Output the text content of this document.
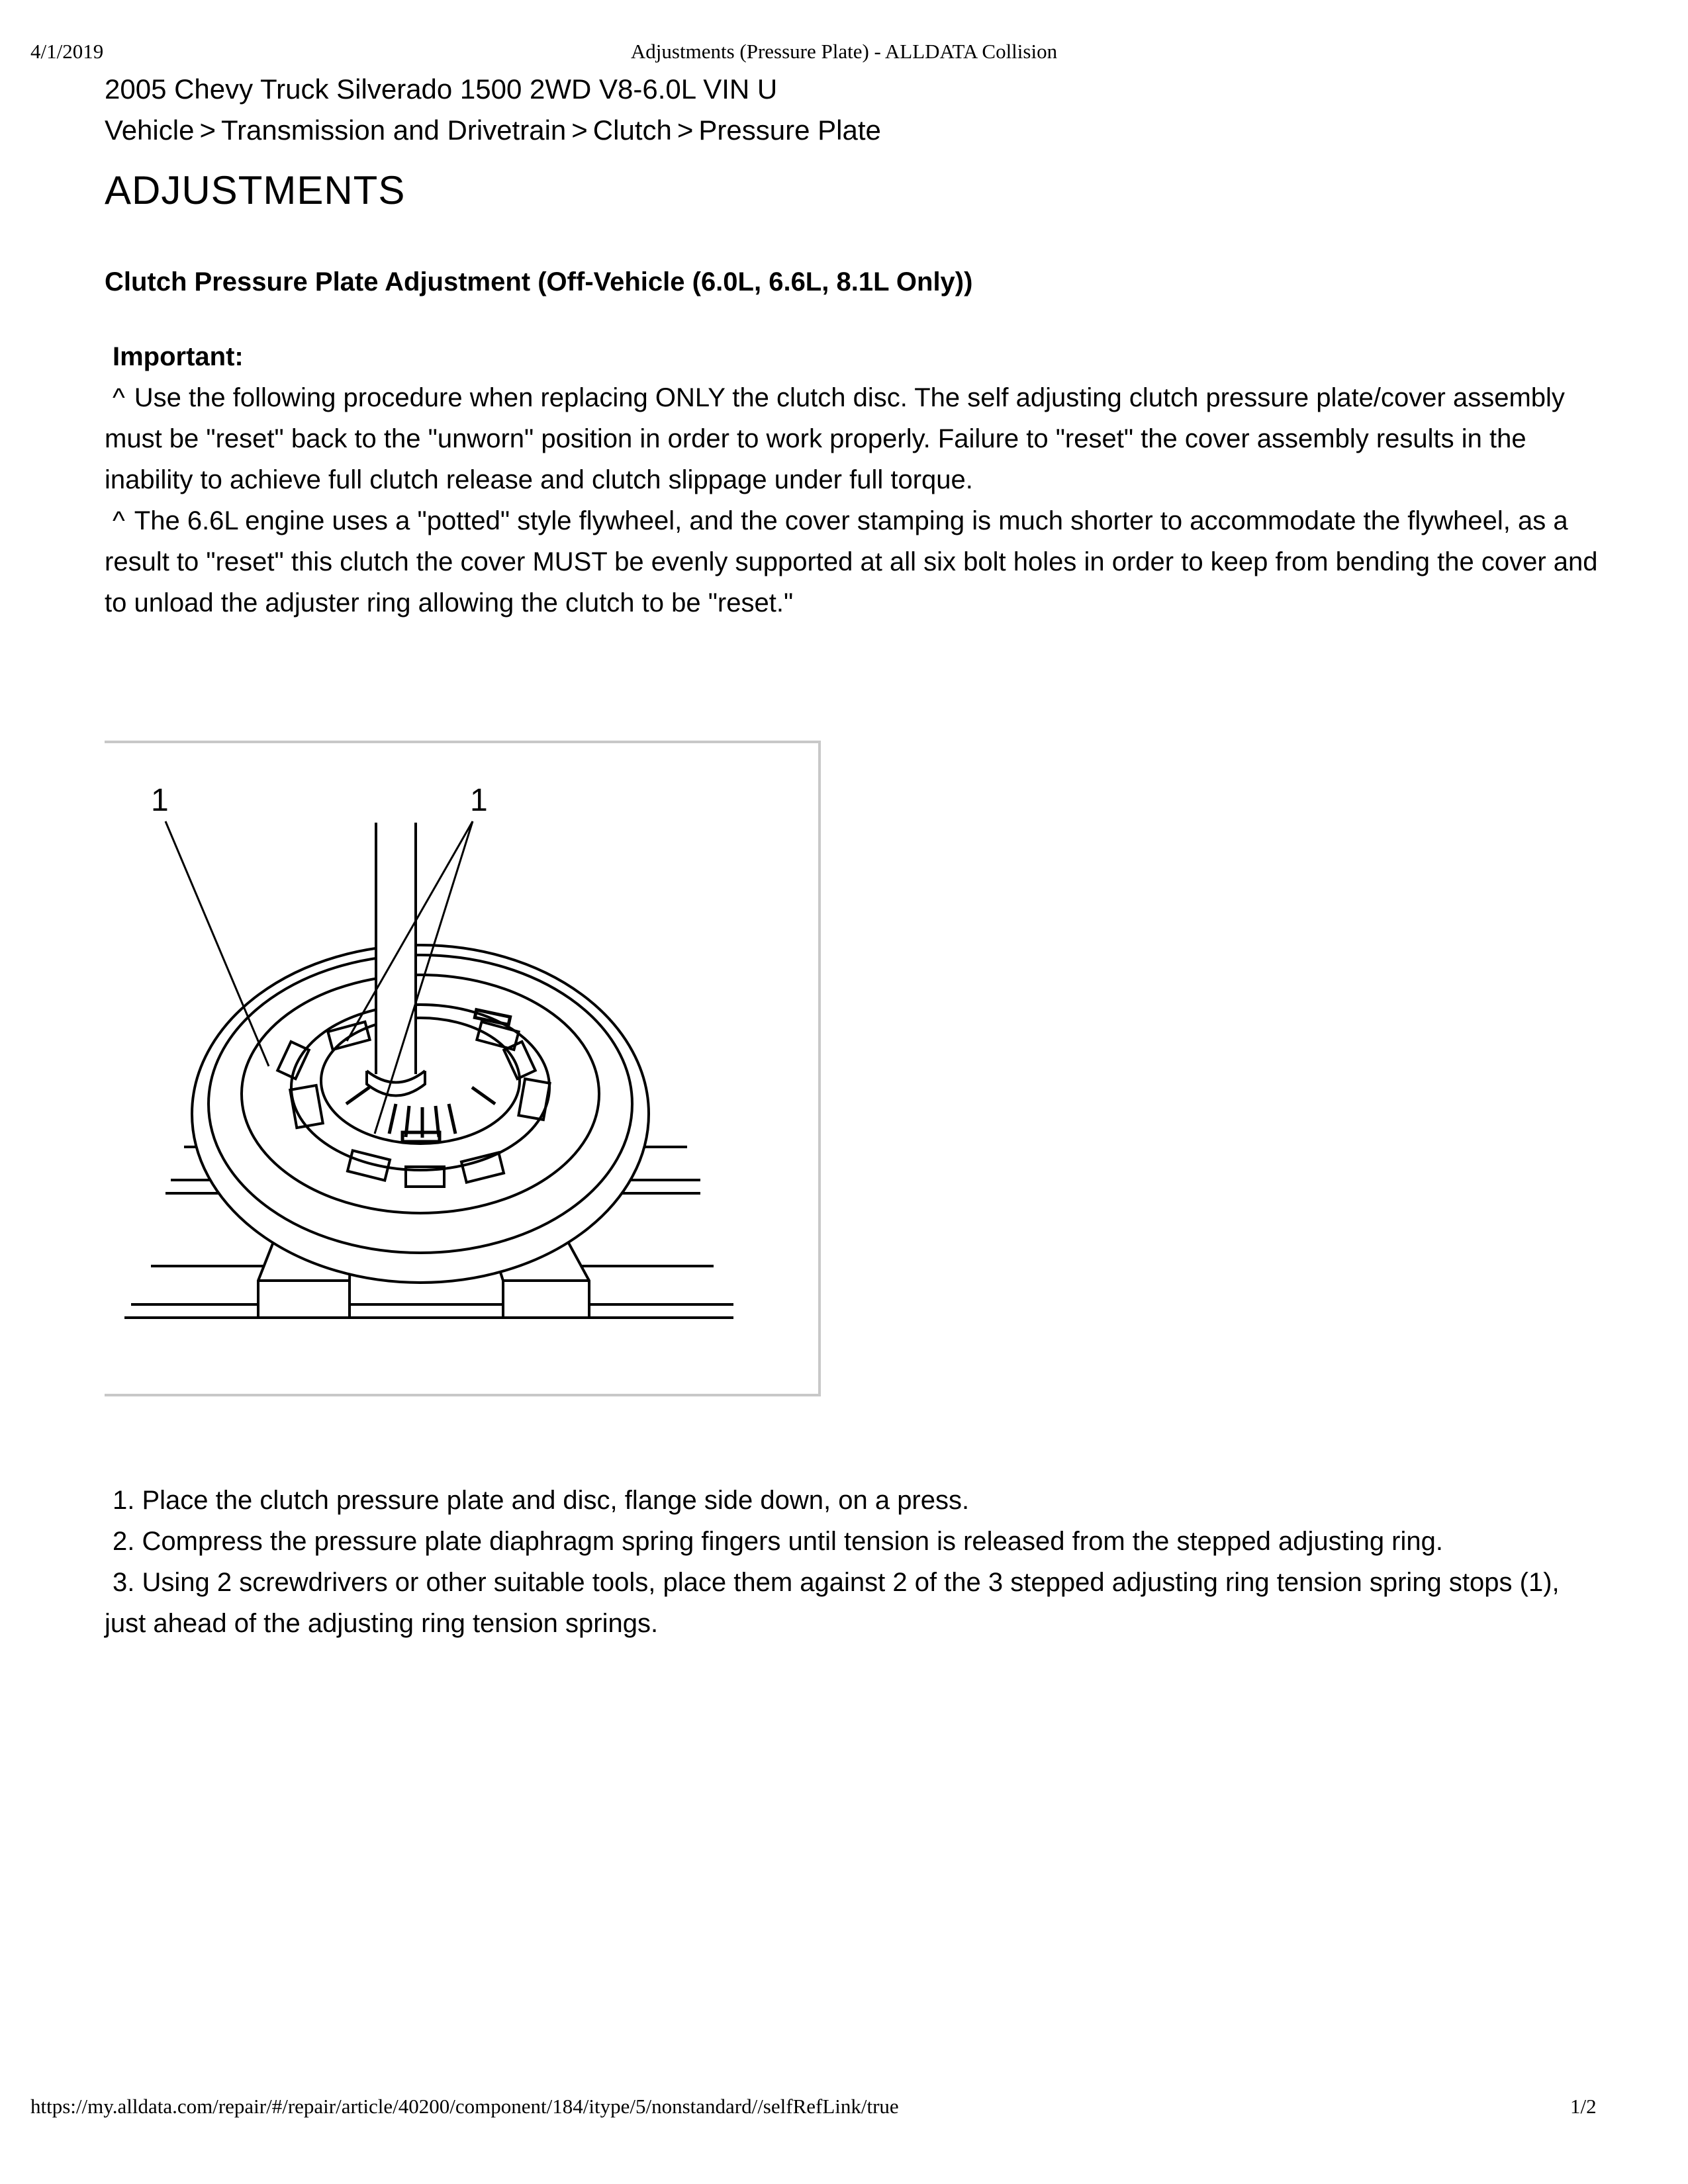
4/1/2019	Adjustments (Pressure Plate) - ALLDATA Collision
2005 Chevy Truck Silverado 1500 2WD V8-6.0L VIN U
Vehicle > Transmission and Drivetrain > Clutch > Pressure Plate
ADJUSTMENTS
Clutch Pressure Plate Adjustment (Off-Vehicle (6.0L, 6.6L, 8.1L Only))
Important:
^ Use the following procedure when replacing ONLY the clutch disc. The self adjusting clutch pressure plate/cover assembly must be "reset" back to the "unworn" position in order to work properly. Failure to "reset" the cover assembly results in the inability to achieve full clutch release and clutch slippage under full torque.
^ The 6.6L engine uses a "potted" style flywheel, and the cover stamping is much shorter to accommodate the flywheel, as a result to "reset" this clutch the cover MUST be evenly supported at all six bolt holes in order to keep from bending the cover and to unload the adjuster ring allowing the clutch to be "reset."
1	1
1. Place the clutch pressure plate and disc, flange side down, on a press.
2. Compress the pressure plate diaphragm spring fingers until tension is released from the stepped adjusting ring.
3. Using 2 screwdrivers or other suitable tools, place them against 2 of the 3 stepped adjusting ring tension spring stops (1), just ahead of the adjusting ring tension springs.
https://my.alldata.com/repair/#/repair/article/40200/component/184/itype/5/nonstandard//selfRefLink/true	1/2
